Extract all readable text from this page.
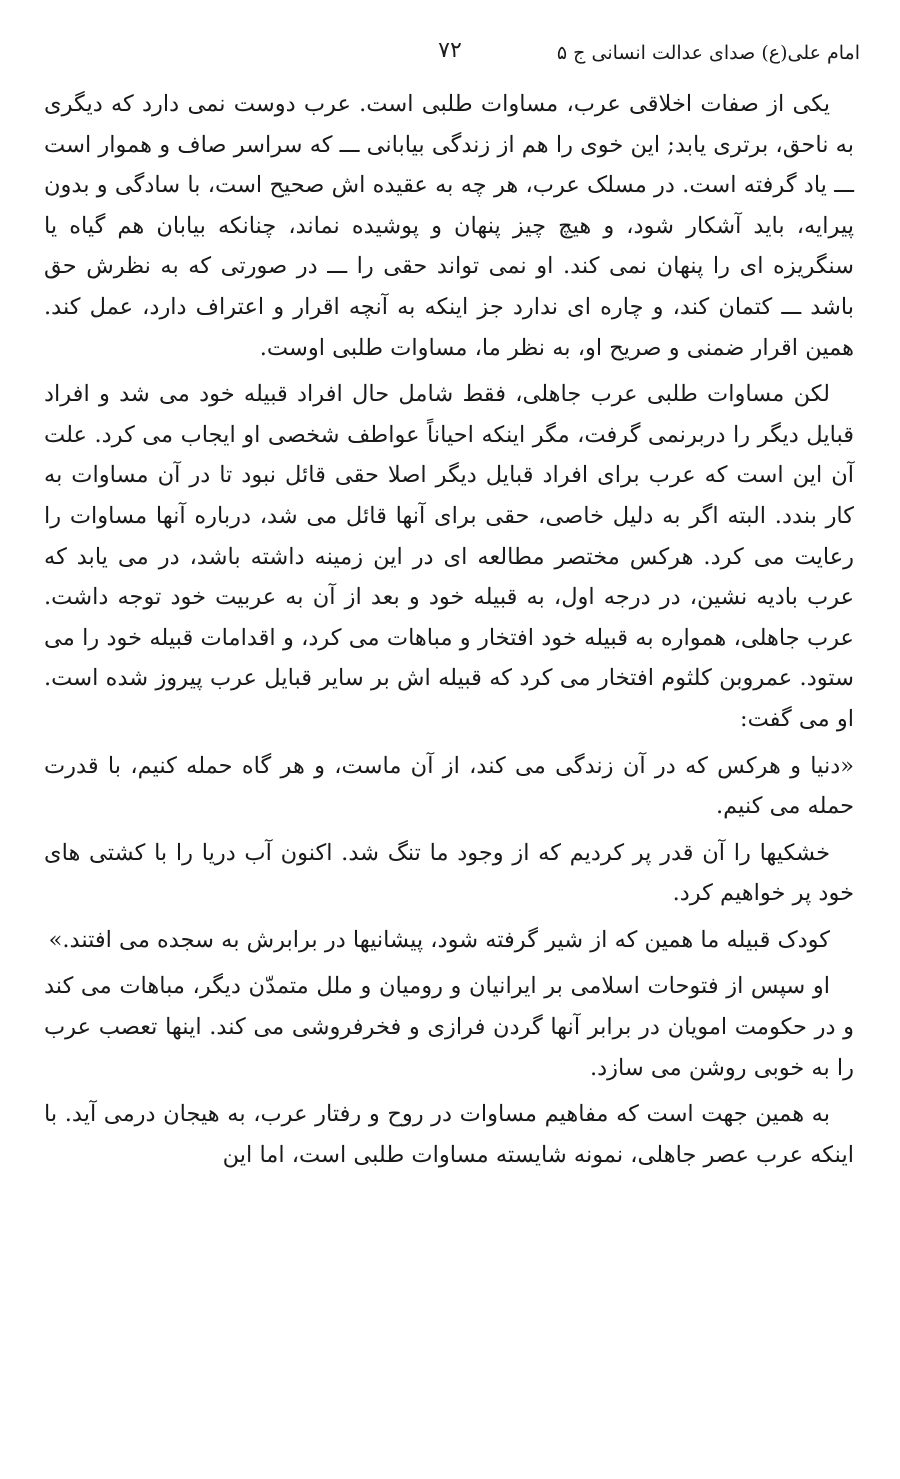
امام علی(ع) صدای عدالت انسانی ج ۵
۷۲

یکی از صفات اخلاقی عرب، مساوات طلبی است. عرب دوست نمی دارد که دیگری به ناحق، برتری یابد; این خوی را هم از زندگی بیابانی ـــ که سراسر صاف و هموار است ـــ یاد گرفته است. در مسلک عرب، هر چه به عقیده اش صحیح است، با سادگی و بدون پیرایه، باید آشکار شود، و هیچ چیز پنهان و پوشیده نماند، چنانکه بیابان هم گیاه یا سنگریزه ای را پنهان نمی کند. او نمی تواند حقی را ـــ در صورتی که به نظرش حق باشد ـــ کتمان کند، و چاره ای ندارد جز اینکه به آنچه اقرار و اعتراف دارد، عمل کند. همین اقرار ضمنی و صریح او، به نظر ما، مساوات طلبی اوست.

لکن مساوات طلبی عرب جاهلی، فقط شامل حال افراد قبیله خود می شد و افراد قبایل دیگر را دربرنمی گرفت، مگر اینکه احیاناً عواطف شخصی او ایجاب می کرد. علت آن این است که عرب برای افراد قبایل دیگر اصلا حقی قائل نبود تا در آن مساوات به کار بندد. البته اگر به دلیل خاصی، حقی برای آنها قائل می شد، درباره آنها مساوات را رعایت می کرد. هرکس مختصر مطالعه ای در این زمینه داشته باشد، در می یابد که عرب بادیه نشین، در درجه اول، به قبیله خود و بعد از آن به عربیت خود توجه داشت. عرب جاهلی، همواره به قبیله خود افتخار و مباهات می کرد، و اقدامات قبیله خود را می ستود. عمروبن کلثوم افتخار می کرد که قبیله اش بر سایر قبایل عرب پیروز شده است. او می گفت:

«دنیا و هرکس که در آن زندگی می کند، از آن ماست، و هر گاه حمله کنیم، با قدرت حمله می کنیم.

خشکیها را آن قدر پر کردیم که از وجود ما تنگ شد. اکنون آب دریا را با کشتی های خود پر خواهیم کرد.

کودک قبیله ما همین که از شیر گرفته شود، پیشانیها در برابرش به سجده می افتند.»

او سپس از فتوحات اسلامی بر ایرانیان و رومیان و ملل متمدّن دیگر، مباهات می کند و در حکومت امویان در برابر آنها گردن فرازی و فخرفروشی می کند. اینها تعصب عرب را به خوبی روشن می سازد.

به همین جهت است که مفاهیم مساوات در روح و رفتار عرب، به هیجان درمی آید. با اینکه عرب عصر جاهلی، نمونه شایسته مساوات طلبی است، اما این
